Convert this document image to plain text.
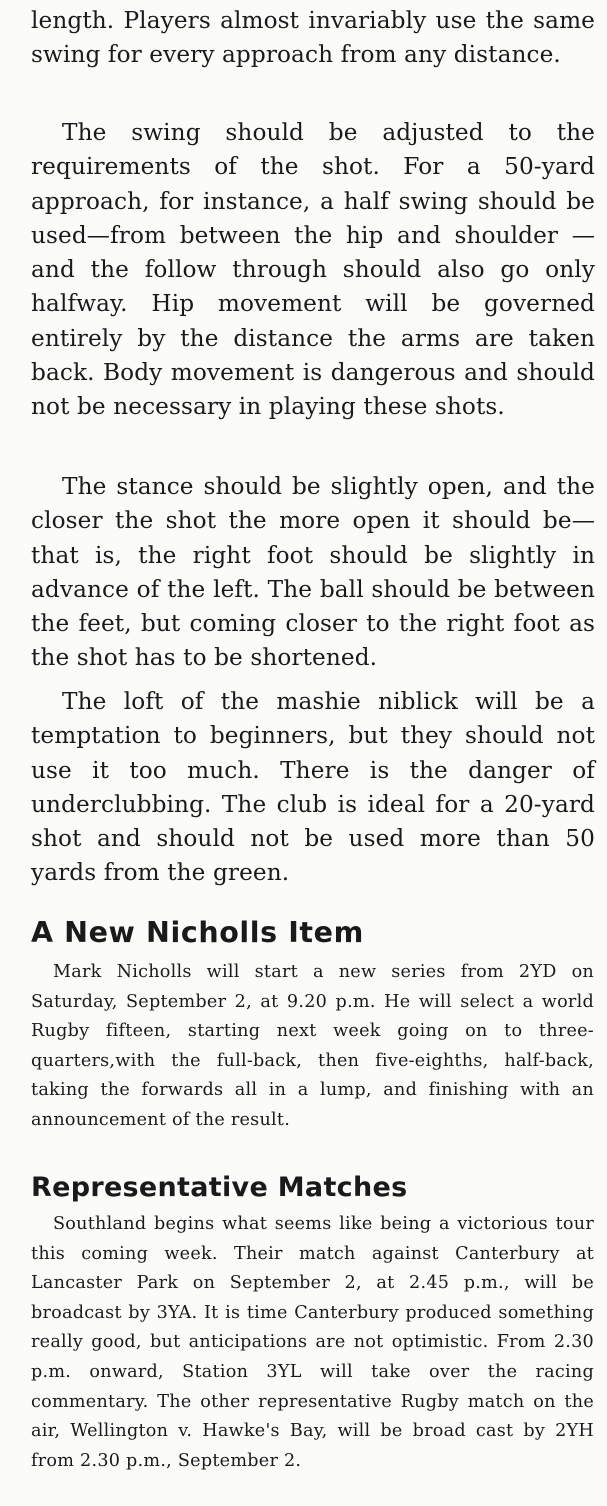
length. Players almost invariably use the same swing for every approach from any distance.

The swing should be adjusted to the requirements of the shot. For a 50-yard approach, for instance, a half swing should be used—from between the hip and shoulder —and the follow through should also go only halfway. Hip movement will be governed entirely by the distance the arms are taken back. Body movement is dangerous and should not be necessary in playing these shots.

The stance should be slightly open, and the closer the shot the more open it should be—that is, the right foot should be slightly in advance of the left. The ball should be between the feet, but coming closer to the right foot as the shot has to be shortened.

The loft of the mashie niblick will be a temptation to beginners, but they should not use it too much. There is the danger of underclubbing. The club is ideal for a 20-yard shot and should not be used more than 50 yards from the green.

A New Nicholls Item

Mark Nicholls will start a new series from 2YD on Saturday, September 2, at 9.20 p.m. He will select a world Rugby fifteen, starting next week going on to three-quarters,with the full-back, then five-eighths, half-back, taking the forwards all in a lump, and finishing with an announcement of the result.

Representative Matches

Southland begins what seems like being a victorious tour this coming week. Their match against Canterbury at Lancaster Park on September 2, at 2.45 p.m., will be broadcast by 3YA. It is time Canterbury produced something really good, but anticipations are not optimistic. From 2.30 p.m. onward, Station 3YL will take over the racing commentary. The other representative Rugby match on the air, Wellington v. Hawke's Bay, will be broad cast by 2YH from 2.30 p.m., September 2.
